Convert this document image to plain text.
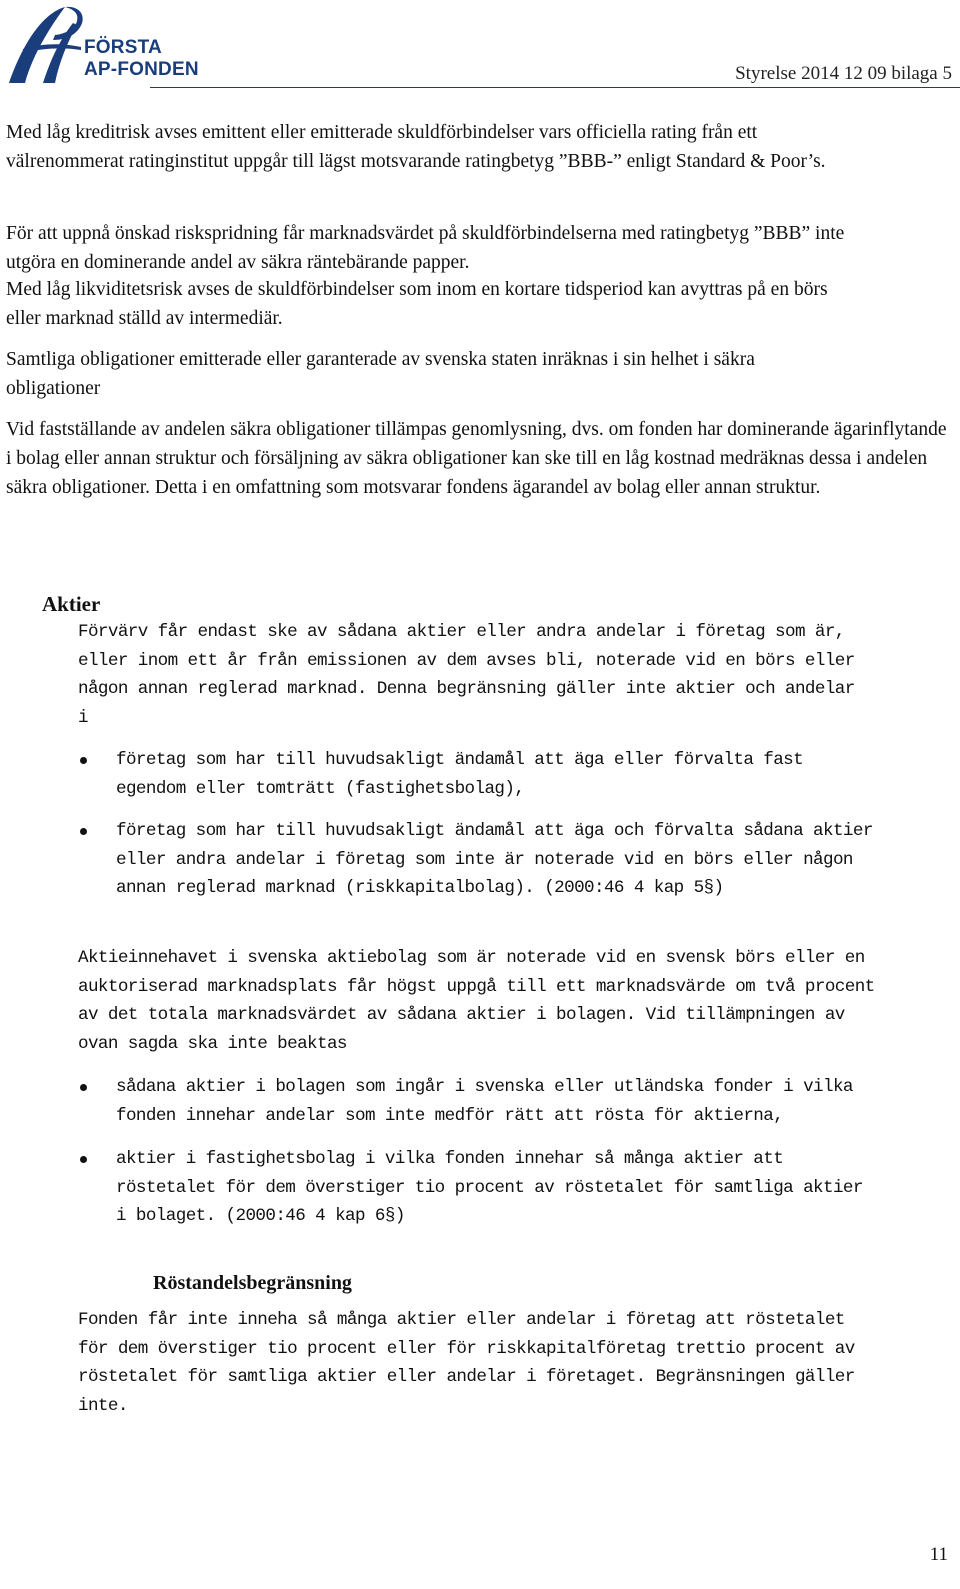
FÖRSTA
AP-FONDEN	Styrelse 2014 12 09 bilaga 5

Med låg kreditrisk avses emittent eller emitterade skuldförbindelser vars officiella rating från ett välrenommerat ratinginstitut uppgår till lägst motsvarande ratingbetyg ”BBB-” enligt Standard & Poor’s.

För att uppnå önskad riskspridning får marknadsvärdet på skuldförbindelserna med ratingbetyg ”BBB” inte utgöra en dominerande andel av säkra räntebärande papper.

Med låg likviditetsrisk avses de skuldförbindelser som inom en kortare tidsperiod kan avyttras på en börs eller marknad ställd av intermediär.

Samtliga obligationer emitterade eller garanterade av svenska staten inräknas i sin helhet i säkra obligationer

Vid fastställande av andelen säkra obligationer tillämpas genomlysning, dvs. om fonden har dominerande ägarinflytande i bolag eller annan struktur och försäljning av säkra obligationer kan ske till en låg kostnad medräknas dessa i andelen säkra obligationer. Detta i en omfattning som motsvarar fondens ägarandel av bolag eller annan struktur.

Aktier

Förvärv får endast ske av sådana aktier eller andra andelar i företag som är, eller inom ett år från emissionen av dem avses bli, noterade vid en börs eller någon annan reglerad marknad. Denna begränsning gäller inte aktier och andelar i

företag som har till huvudsakligt ändamål att äga eller förvalta fast egendom eller tomträtt (fastighetsbolag),

företag som har till huvudsakligt ändamål att äga och förvalta sådana aktier eller andra andelar i företag som inte är noterade vid en börs eller någon annan reglerad marknad (riskkapitalbolag). (2000:46 4 kap 5§)

Aktieinnehavet i svenska aktiebolag som är noterade vid en svensk börs eller en auktoriserad marknadsplats får högst uppgå till ett marknadsvärde om två procent av det totala marknadsvärdet av sådana aktier i bolagen. Vid tillämpningen av ovan sagda ska inte beaktas

sådana aktier i bolagen som ingår i svenska eller utländska fonder i vilka fonden innehar andelar som inte medför rätt att rösta för aktierna,

aktier i fastighetsbolag i vilka fonden innehar så många aktier att röstetalet för dem överstiger tio procent av röstetalet för samtliga aktier i bolaget. (2000:46 4 kap 6§)

Röstandelsbegränsning

Fonden får inte inneha så många aktier eller andelar i företag att röstetalet för dem överstiger tio procent eller för riskkapitalföretag trettio procent av röstetalet för samtliga aktier eller andelar i företaget. Begränsningen gäller inte.

11
